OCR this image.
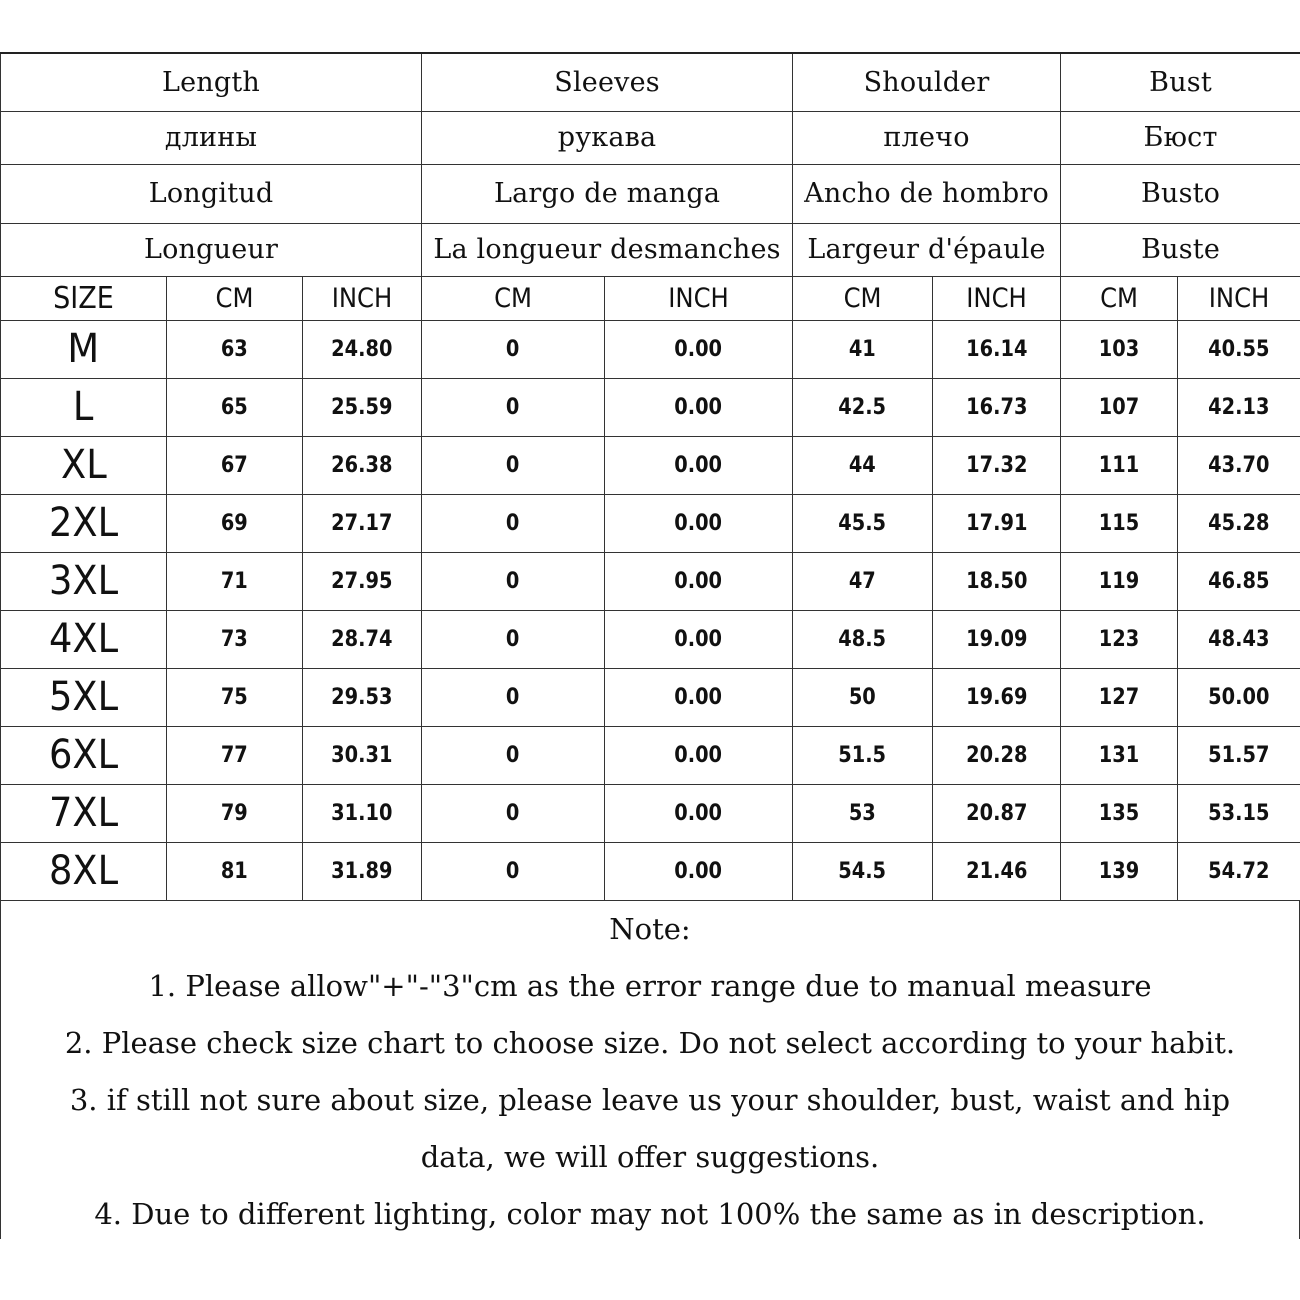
Length			Sleeves		Shoulder		Bust	
длины			рукава		плечо		Бюст	
Longitud			Largo de manga		Ancho de hombro		Busto	
Longueur			La longueur desmanches		Largeur d'épaule		Buste	
SIZE	CM	INCH	CM	INCH	CM	INCH	CM	INCH
M	63	24.80	0	0.00	41	16.14	103	40.55
L	65	25.59	0	0.00	42.5	16.73	107	42.13
XL	67	26.38	0	0.00	44	17.32	111	43.70
2XL	69	27.17	0	0.00	45.5	17.91	115	45.28
3XL	71	27.95	0	0.00	47	18.50	119	46.85
4XL	73	28.74	0	0.00	48.5	19.09	123	48.43
5XL	75	29.53	0	0.00	50	19.69	127	50.00
6XL	77	30.31	0	0.00	51.5	20.28	131	51.57
7XL	79	31.10	0	0.00	53	20.87	135	53.15
8XL	81	31.89	0	0.00	54.5	21.46	139	54.72
Note:
1. Please allow"+"-"3"cm as the error range due to manual measure
2. Please check size chart to choose size. Do not select according to your habit.
3. if still not sure about size, please leave us your shoulder, bust, waist and hip
data, we will offer suggestions.
4. Due to different lighting, color may not 100% the same as in description.
